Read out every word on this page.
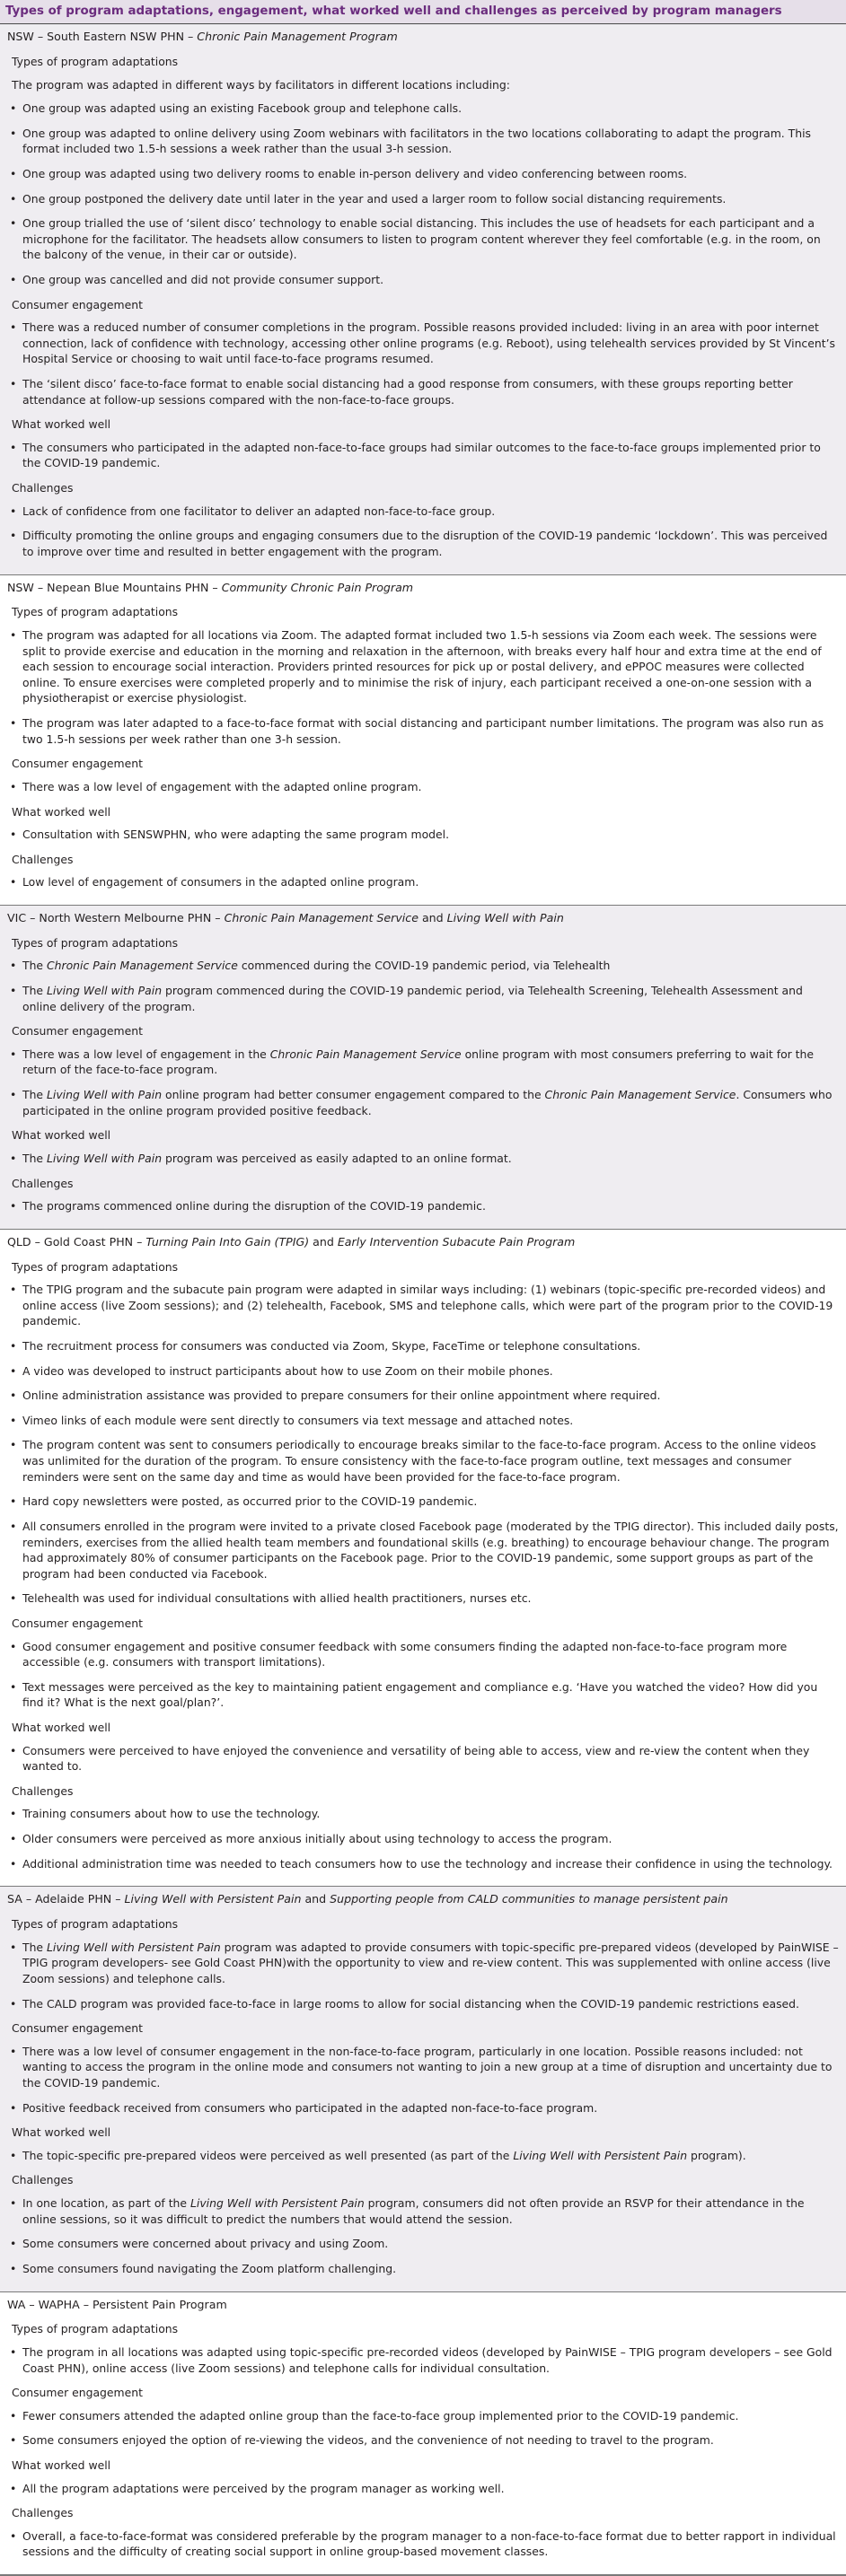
Types of program adaptations, engagement, what worked well and challenges as perceived by program managers
NSW – South Eastern NSW PHN – Chronic Pain Management Program
Types of program adaptations
The program was adapted in different ways by facilitators in different locations including:
• One group was adapted using an existing Facebook group and telephone calls.
• One group was adapted to online delivery using Zoom webinars with facilitators in the two locations collaborating to adapt the program. This format included two 1.5-h sessions a week rather than the usual 3-h session.
• One group was adapted using two delivery rooms to enable in-person delivery and video conferencing between rooms.
• One group postponed the delivery date until later in the year and used a larger room to follow social distancing requirements.
• One group trialled the use of ‘silent disco’ technology to enable social distancing. This includes the use of headsets for each participant and a microphone for the facilitator. The headsets allow consumers to listen to program content wherever they feel comfortable (e.g. in the room, on the balcony of the venue, in their car or outside).
• One group was cancelled and did not provide consumer support.
Consumer engagement
• There was a reduced number of consumer completions in the program. Possible reasons provided included: living in an area with poor internet connection, lack of confidence with technology, accessing other online programs (e.g. Reboot), using telehealth services provided by St Vincent’s Hospital Service or choosing to wait until face-to-face programs resumed.
• The ‘silent disco’ face-to-face format to enable social distancing had a good response from consumers, with these groups reporting better attendance at follow-up sessions compared with the non-face-to-face groups.
What worked well
• The consumers who participated in the adapted non-face-to-face groups had similar outcomes to the face-to-face groups implemented prior to the COVID-19 pandemic.
Challenges
• Lack of confidence from one facilitator to deliver an adapted non-face-to-face group.
• Difficulty promoting the online groups and engaging consumers due to the disruption of the COVID-19 pandemic ‘lockdown’. This was perceived to improve over time and resulted in better engagement with the program.
NSW – Nepean Blue Mountains PHN – Community Chronic Pain Program
Types of program adaptations
• The program was adapted for all locations via Zoom. The adapted format included two 1.5-h sessions via Zoom each week. The sessions were split to provide exercise and education in the morning and relaxation in the afternoon, with breaks every half hour and extra time at the end of each session to encourage social interaction. Providers printed resources for pick up or postal delivery, and ePPOC measures were collected online. To ensure exercises were completed properly and to minimise the risk of injury, each participant received a one-on-one session with a physiotherapist or exercise physiologist.
• The program was later adapted to a face-to-face format with social distancing and participant number limitations. The program was also run as two 1.5-h sessions per week rather than one 3-h session.
Consumer engagement
• There was a low level of engagement with the adapted online program.
What worked well
• Consultation with SENSWPHN, who were adapting the same program model.
Challenges
• Low level of engagement of consumers in the adapted online program.
VIC – North Western Melbourne PHN – Chronic Pain Management Service and Living Well with Pain
Types of program adaptations
• The Chronic Pain Management Service commenced during the COVID-19 pandemic period, via Telehealth
• The Living Well with Pain program commenced during the COVID-19 pandemic period, via Telehealth Screening, Telehealth Assessment and online delivery of the program.
Consumer engagement
• There was a low level of engagement in the Chronic Pain Management Service online program with most consumers preferring to wait for the return of the face-to-face program.
• The Living Well with Pain online program had better consumer engagement compared to the Chronic Pain Management Service. Consumers who participated in the online program provided positive feedback.
What worked well
• The Living Well with Pain program was perceived as easily adapted to an online format.
Challenges
• The programs commenced online during the disruption of the COVID-19 pandemic.
QLD – Gold Coast PHN – Turning Pain Into Gain (TPIG) and Early Intervention Subacute Pain Program
Types of program adaptations
• The TPIG program and the subacute pain program were adapted in similar ways including: (1) webinars (topic-specific pre-recorded videos) and online access (live Zoom sessions); and (2) telehealth, Facebook, SMS and telephone calls, which were part of the program prior to the COVID-19 pandemic.
• The recruitment process for consumers was conducted via Zoom, Skype, FaceTime or telephone consultations.
• A video was developed to instruct participants about how to use Zoom on their mobile phones.
• Online administration assistance was provided to prepare consumers for their online appointment where required.
• Vimeo links of each module were sent directly to consumers via text message and attached notes.
• The program content was sent to consumers periodically to encourage breaks similar to the face-to-face program. Access to the online videos was unlimited for the duration of the program. To ensure consistency with the face-to-face program outline, text messages and consumer reminders were sent on the same day and time as would have been provided for the face-to-face program.
• Hard copy newsletters were posted, as occurred prior to the COVID-19 pandemic.
• All consumers enrolled in the program were invited to a private closed Facebook page (moderated by the TPIG director). This included daily posts, reminders, exercises from the allied health team members and foundational skills (e.g. breathing) to encourage behaviour change. The program had approximately 80% of consumer participants on the Facebook page. Prior to the COVID-19 pandemic, some support groups as part of the program had been conducted via Facebook.
• Telehealth was used for individual consultations with allied health practitioners, nurses etc.
Consumer engagement
• Good consumer engagement and positive consumer feedback with some consumers finding the adapted non-face-to-face program more accessible (e.g. consumers with transport limitations).
• Text messages were perceived as the key to maintaining patient engagement and compliance e.g. ‘Have you watched the video? How did you find it? What is the next goal/plan?’.
What worked well
• Consumers were perceived to have enjoyed the convenience and versatility of being able to access, view and re-view the content when they wanted to.
Challenges
• Training consumers about how to use the technology.
• Older consumers were perceived as more anxious initially about using technology to access the program.
• Additional administration time was needed to teach consumers how to use the technology and increase their confidence in using the technology.
SA – Adelaide PHN – Living Well with Persistent Pain and Supporting people from CALD communities to manage persistent pain
Types of program adaptations
• The Living Well with Persistent Pain program was adapted to provide consumers with topic-specific pre-prepared videos (developed by PainWISE – TPIG program developers- see Gold Coast PHN)with the opportunity to view and re-view content. This was supplemented with online access (live Zoom sessions) and telephone calls.
• The CALD program was provided face-to-face in large rooms to allow for social distancing when the COVID-19 pandemic restrictions eased.
Consumer engagement
• There was a low level of consumer engagement in the non-face-to-face program, particularly in one location. Possible reasons included: not wanting to access the program in the online mode and consumers not wanting to join a new group at a time of disruption and uncertainty due to the COVID-19 pandemic.
• Positive feedback received from consumers who participated in the adapted non-face-to-face program.
What worked well
• The topic-specific pre-prepared videos were perceived as well presented (as part of the Living Well with Persistent Pain program).
Challenges
• In one location, as part of the Living Well with Persistent Pain program, consumers did not often provide an RSVP for their attendance in the online sessions, so it was difficult to predict the numbers that would attend the session.
• Some consumers were concerned about privacy and using Zoom.
• Some consumers found navigating the Zoom platform challenging.
WA – WAPHA – Persistent Pain Program
Types of program adaptations
• The program in all locations was adapted using topic-specific pre-recorded videos (developed by PainWISE – TPIG program developers – see Gold Coast PHN), online access (live Zoom sessions) and telephone calls for individual consultation.
Consumer engagement
• Fewer consumers attended the adapted online group than the face-to-face group implemented prior to the COVID-19 pandemic.
• Some consumers enjoyed the option of re-viewing the videos, and the convenience of not needing to travel to the program.
What worked well
• All the program adaptations were perceived by the program manager as working well.
Challenges
• Overall, a face-to-face-format was considered preferable by the program manager to a non-face-to-face format due to better rapport in individual sessions and the difficulty of creating social support in online group-based movement classes.
